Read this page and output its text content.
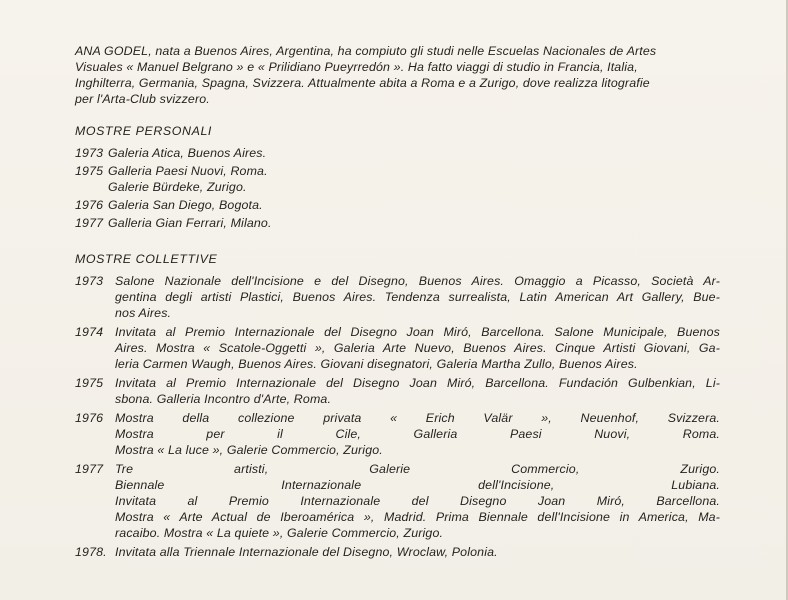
ANA GODEL, nata a Buenos Aires, Argentina, ha compiuto gli studi nelle Escuelas Nacionales de Artes
Visuales « Manuel Belgrano » e « Prilidiano Pueyrredón ». Ha fatto viaggi di studio in Francia, Italia,
Inghilterra, Germania, Spagna, Svizzera. Attualmente abita a Roma e a Zurigo, dove realizza litografie
per l'Arta-Club svizzero.

MOSTRE PERSONALI

1973 Galeria Atica, Buenos Aires.
1975 Galleria Paesi Nuovi, Roma.
Galerie Bürdeke, Zurigo.
1976 Galeria San Diego, Bogota.
1977 Galleria Gian Ferrari, Milano.

MOSTRE COLLETTIVE

1973 Salone Nazionale dell'Incisione e del Disegno, Buenos Aires. Omaggio a Picasso, Società Ar-
gentina degli artisti Plastici, Buenos Aires. Tendenza surrealista, Latin American Art Gallery, Bue-
nos Aires.
1974 Invitata al Premio Internazionale del Disegno Joan Miró, Barcellona. Salone Municipale, Buenos
Aires. Mostra « Scatole-Oggetti », Galeria Arte Nuevo, Buenos Aires. Cinque Artisti Giovani, Ga-
leria Carmen Waugh, Buenos Aires. Giovani disegnatori, Galeria Martha Zullo, Buenos Aires.
1975 Invitata al Premio Internazionale del Disegno Joan Miró, Barcellona. Fundación Gulbenkian, Li-
sbona. Galleria Incontro d'Arte, Roma.
1976 Mostra della collezione privata « Erich Valär », Neuenhof, Svizzera.
Mostra per il Cile, Galleria Paesi Nuovi, Roma.
Mostra « La luce », Galerie Commercio, Zurigo.
1977 Tre artisti, Galerie Commercio, Zurigo.
Biennale Internazionale dell'Incisione, Lubiana.
Invitata al Premio Internazionale del Disegno Joan Miró, Barcellona.
Mostra « Arte Actual de Iberoamérica », Madrid. Prima Biennale dell'Incisione in America, Ma-
racaibo. Mostra « La quiete », Galerie Commercio, Zurigo.
1978. Invitata alla Triennale Internazionale del Disegno, Wroclaw, Polonia.
